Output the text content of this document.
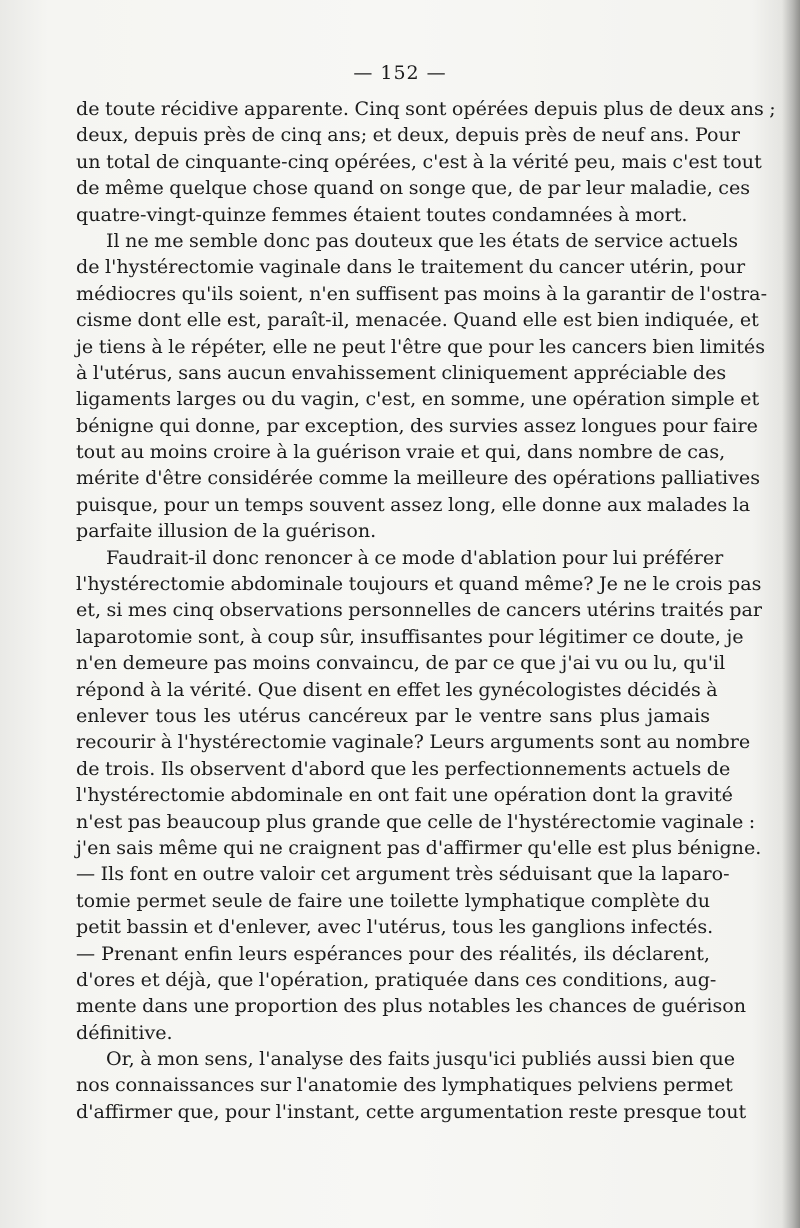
— 152 —
de toute récidive apparente. Cinq sont opérées depuis plus de deux ans ;
deux, depuis près de cinq ans; et deux, depuis près de neuf ans. Pour
un total de cinquante-cinq opérées, c'est à la vérité peu, mais c'est tout
de même quelque chose quand on songe que, de par leur maladie, ces
quatre-vingt-quinze femmes étaient toutes condamnées à mort.
Il ne me semble donc pas douteux que les états de service actuels
de l'hystérectomie vaginale dans le traitement du cancer utérin, pour
médiocres qu'ils soient, n'en suffisent pas moins à la garantir de l'ostra-
cisme dont elle est, paraît-il, menacée. Quand elle est bien indiquée, et
je tiens à le répéter, elle ne peut l'être que pour les cancers bien limités
à l'utérus, sans aucun envahissement cliniquement appréciable des
ligaments larges ou du vagin, c'est, en somme, une opération simple et
bénigne qui donne, par exception, des survies assez longues pour faire
tout au moins croire à la guérison vraie et qui, dans nombre de cas,
mérite d'être considérée comme la meilleure des opérations palliatives
puisque, pour un temps souvent assez long, elle donne aux malades la
parfaite illusion de la guérison.
Faudrait-il donc renoncer à ce mode d'ablation pour lui préférer
l'hystérectomie abdominale toujours et quand même? Je ne le crois pas
et, si mes cinq observations personnelles de cancers utérins traités par
laparotomie sont, à coup sûr, insuffisantes pour légitimer ce doute, je
n'en demeure pas moins convaincu, de par ce que j'ai vu ou lu, qu'il
répond à la vérité. Que disent en effet les gynécologistes décidés à
enlever tous les utérus cancéreux par le ventre sans plus jamais
recourir à l'hystérectomie vaginale? Leurs arguments sont au nombre
de trois. Ils observent d'abord que les perfectionnements actuels de
l'hystérectomie abdominale en ont fait une opération dont la gravité
n'est pas beaucoup plus grande que celle de l'hystérectomie vaginale :
j'en sais même qui ne craignent pas d'affirmer qu'elle est plus bénigne.
— Ils font en outre valoir cet argument très séduisant que la laparo-
tomie permet seule de faire une toilette lymphatique complète du
petit bassin et d'enlever, avec l'utérus, tous les ganglions infectés.
— Prenant enfin leurs espérances pour des réalités, ils déclarent,
d'ores et déjà, que l'opération, pratiquée dans ces conditions, aug-
mente dans une proportion des plus notables les chances de guérison
définitive.
Or, à mon sens, l'analyse des faits jusqu'ici publiés aussi bien que
nos connaissances sur l'anatomie des lymphatiques pelviens permet
d'affirmer que, pour l'instant, cette argumentation reste presque tout
